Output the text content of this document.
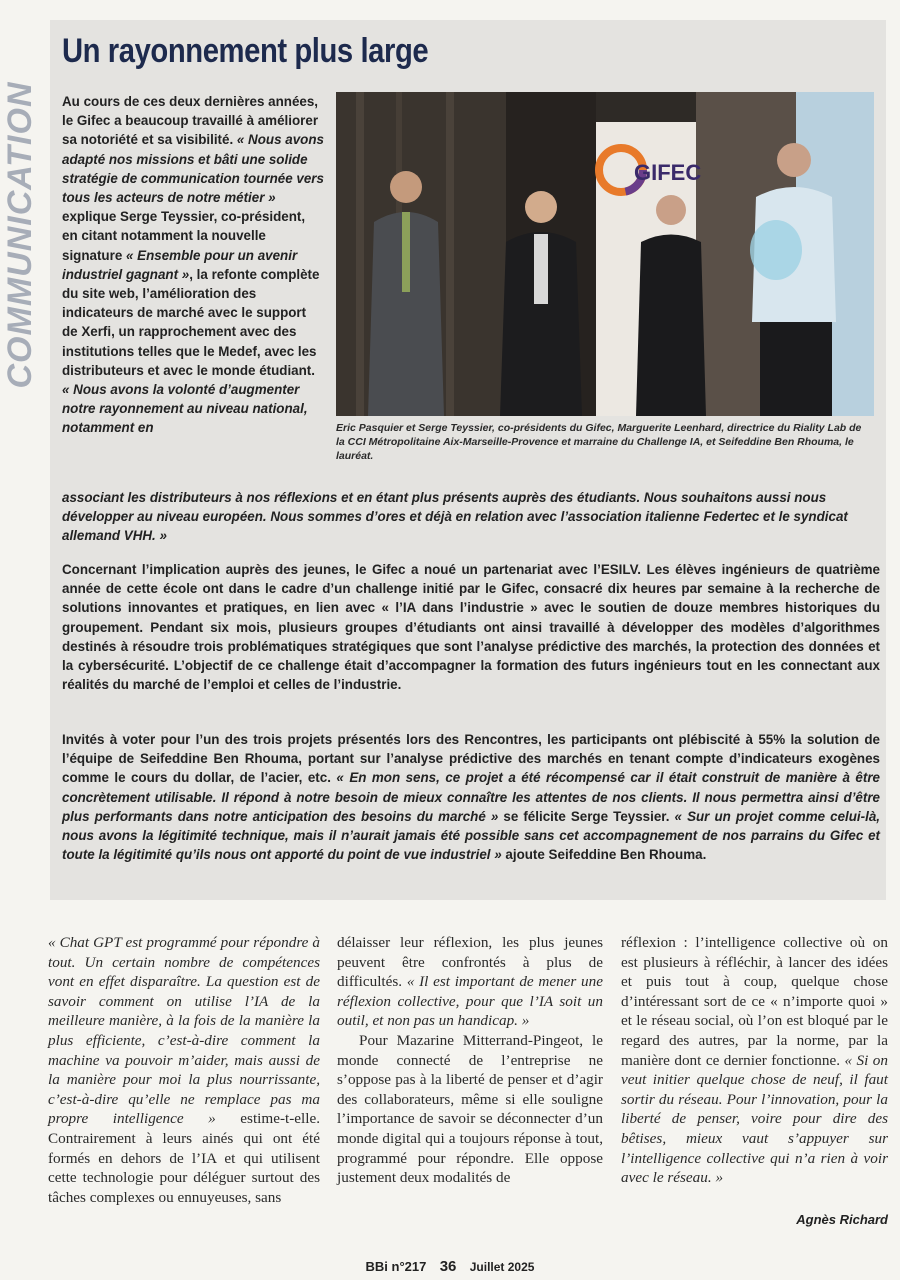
COMMUNICATION
Un rayonnement plus large
Au cours de ces deux dernières années, le Gifec a beaucoup travaillé à améliorer sa notoriété et sa visibilité. « Nous avons adapté nos missions et bâti une solide stratégie de communication tournée vers tous les acteurs de notre métier » explique Serge Teyssier, co-président, en citant notamment la nouvelle signature « Ensemble pour un avenir industriel gagnant », la refonte complète du site web, l’amélioration des indicateurs de marché avec le support de Xerfi, un rapprochement avec des institutions telles que le Medef, avec les distributeurs et avec le monde étudiant. « Nous avons la volonté d’augmenter notre rayonnement au niveau national, notamment en
GIFEC
Eric Pasquier et Serge Teyssier, co-présidents du Gifec, Marguerite Leenhard, directrice du Riality Lab de la CCI Métropolitaine Aix-Marseille-Provence et marraine du Challenge IA, et Seifeddine Ben Rhouma, le lauréat.
associant les distributeurs à nos réflexions et en étant plus présents auprès des étudiants. Nous souhaitons aussi nous développer au niveau européen. Nous sommes d’ores et déjà en relation avec l’association italienne Federtec et le syndicat allemand VHH. »
Concernant l’implication auprès des jeunes, le Gifec a noué un partenariat avec l’ESILV. Les élèves ingénieurs de quatrième année de cette école ont dans le cadre d’un challenge initié par le Gifec, consacré dix heures par semaine à la recherche de solutions innovantes et pratiques, en lien avec « l’IA dans l’industrie » avec le soutien de douze membres historiques du groupement. Pendant six mois, plusieurs groupes d’étudiants ont ainsi travaillé à développer des modèles d’algorithmes destinés à résoudre trois problématiques stratégiques que sont l’analyse prédictive des marchés, la protection des données et la cybersécurité. L’objectif de ce challenge était d’accompagner la formation des futurs ingénieurs tout en les connectant aux réalités du marché de l’emploi et celles de l’industrie.
Invités à voter pour l’un des trois projets présentés lors des Rencontres, les participants ont plébiscité à 55% la solution de l’équipe de Seifeddine Ben Rhouma, portant sur l’analyse prédictive des marchés en tenant compte d’indicateurs exogènes comme le cours du dollar, de l’acier, etc. « En mon sens, ce projet a été récompensé car il était construit de manière à être concrètement utilisable. Il répond à notre besoin de mieux connaître les attentes de nos clients. Il nous permettra ainsi d’être plus performants dans notre anticipation des besoins du marché » se félicite Serge Teyssier. « Sur un projet comme celui-là, nous avons la légitimité technique, mais il n’aurait jamais été possible sans cet accompagnement de nos parrains du Gifec et toute la légitimité qu’ils nous ont apporté du point de vue industriel » ajoute Seifeddine Ben Rhouma.
« Chat GPT est programmé pour répondre à tout. Un certain nombre de compétences vont en effet disparaître. La question est de savoir comment on utilise l’IA de la meilleure manière, à la fois de la manière la plus efficiente, c’est-à-dire comment la machine va pouvoir m’aider, mais aussi de la manière pour moi la plus nourrissante, c’est-à-dire qu’elle ne remplace pas ma propre intelligence » estime-t-elle. Contrairement à leurs ainés qui ont été formés en dehors de l’IA et qui utilisent cette technologie pour déléguer surtout des tâches complexes ou ennuyeuses, sans
délaisser leur réflexion, les plus jeunes peuvent être confrontés à plus de difficultés. « Il est important de mener une réflexion collective, pour que l’IA soit un outil, et non pas un handicap. »
Pour Mazarine Mitterrand-Pingeot, le monde connecté de l’entreprise ne s’oppose pas à la liberté de penser et d’agir des collaborateurs, même si elle souligne l’importance de savoir se déconnecter d’un monde digital qui a toujours réponse à tout, programmé pour répondre. Elle oppose justement deux modalités de
réflexion : l’intelligence collective où on est plusieurs à réfléchir, à lancer des idées et puis tout à coup, quelque chose d’intéressant sort de ce « n’importe quoi » et le réseau social, où l’on est bloqué par le regard des autres, par la norme, par la manière dont ce dernier fonctionne. « Si on veut initier quelque chose de neuf, il faut sortir du réseau. Pour l’innovation, pour la liberté de penser, voire pour dire des bêtises, mieux vaut s’appuyer sur l’intelligence collective qui n’a rien à voir avec le réseau. »
Agnès Richard
BBi n°217 36 Juillet 2025
